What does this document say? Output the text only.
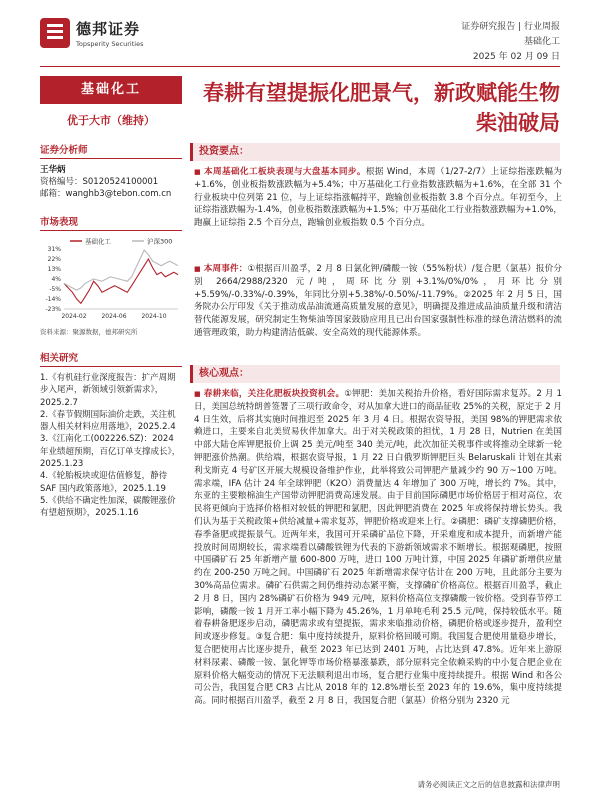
德邦证券
Topsperity Securities
证券研究报告 | 行业周报
基础化工
2025 年 02 月 09 日
基础化工
优于大市（维持）
证券分析师
王华炳
资格编号：S0120524100001
邮箱：wanghb3@tebon.com.cn
市场表现
基础化工	沪深300
31%
22%
13%
4%
-5%
-14%
-23%
2024-02 2024-06 2024-10
资料来源：聚源数据，德邦研究所
相关研究
1.《有机硅行业深度报告：扩产周期步入尾声，新领域引领新需求》，2025.2.7
2.《春节假期国际油价走跌，关注机器人相关材料应用落地》，2025.2.4
3.《江南化工(002226.SZ)：2024 年业绩超预期，百亿订单支撑成长》，2025.1.23
4.《轮胎板块或迎估值修复，静待 SAF 国内政策落地》，2025.1.19
5.《供给不确定性加深，碳酸锂涨价有望超预期》，2025.1.16
春耕有望提振化肥景气，新政赋能生物柴油破局
投资要点：
■ 本周基础化工板块表现与大盘基本同步。根据 Wind，本周（1/27-2/7）上证综指涨跌幅为+1.6%，创业板指数涨跌幅为+5.4%；中万基础化工行业指数涨跌幅为+1.6%，在全部 31 个行业板块中位列第 21 位，与上证综指涨幅持平，跑输创业板指数 3.8 个百分点。年初至今，上证综指涨跌幅为-1.4%，创业板指数涨跌幅为+1.5%；中万基础化工行业指数涨跌幅为+1.0%，跑赢上证综指 2.5 个百分点，跑输创业板指数 0.5 个百分点。
■ 本周事件：①根据百川盈孚，2 月 8 日氯化钾/磷酸一铵（55%粉状）/复合肥（氯基）报价分别 2664/2988/2320 元/吨，周环比分别+3.1%/0%/0%，月环比分别+5.59%/-0.33%/-0.39%，年同比分别+5.38%/-0.50%/-11.79%。②2025 年 2 月 5 日，国务院办公厅印发《关于推动成品油流通高质量发展的意见》，明确提及推进成品油质量升级和清洁替代能源发展，研究制定生物柴油等国家鼓励应用且已出台国家强制性标准的绿色清洁燃料的流通管理政策，助力构建清洁低碳、安全高效的现代能源体系。
核心观点：
■ 春耕来临，关注化肥板块投资机会。①钾肥：美加关税抬升价格，看好国际需求复苏。2 月 1 日，美国总统特朗普签署了三项行政命令，对从加拿大进口的商品征收 25%的关税，原定于 2 月 4 日生效，后将其实施时间推迟至 2025 年 3 月 4 日。根据农资导报，美国 98%的钾肥需求依赖进口，主要来自北美贸易伙伴加拿大。出于对关税政策的担忧，1 月 28 日，Nutrien 在美国中部大陆仓库钾肥报价上调 25 美元/吨至 340 美元/吨，此次加征关税事件或将推动全球新一轮钾肥涨价热潮。供给端，根据农资导报，1 月 22 日白俄罗斯钾肥巨头 Belaruskali 计划在其索利戈斯克 4 号矿区开展大规模设备维护作业，此举将致公司钾肥产量减少约 90 万~100 万吨。需求端，IFA 估计 24 年全球钾肥（K2O）消费量达 4 年增加了 300 万吨，增长约 7%。其中，东亚的主要粮棉油生产国带动钾肥消费高速发展。由于目前国际磷肥市场价格居于相对高位，农民将更倾向于选择价格相对较低的钾肥和氯肥，因此钾肥消费在 2025 年或将保持增长势头。我们认为基于关税政策+供给减量+需求复苏，钾肥价格或迎来上行。②磷肥：磷矿支撑磷肥价格，春季备肥或提振景气。近两年来，我国可开采磷矿品位下降，开采难度和成本提升，而新增产能投放时间周期较长，需求端看以磷酸铁锂为代表的下游新领域需求不断增长。根据观磷肥，按照中国磷矿石 25 年新增产量 600-800 万吨，进口 100 万吨计算，中国 2025 年磷矿新增供应量约在 200-250 万吨之间。中国磷矿石 2025 年新增需求保守估计在 200 万吨，且此部分主要为 30%高品位需求。磷矿石供需之间仍维持动态紧平衡，支撑磷矿价格高位。根据百川盈孚，截止 2 月 8 日，国内 28%磷矿石价格为 949 元/吨，原料价格高位支撑磷酸一铵价格。受到春节停工影响，磷酸一铵 1 月开工率小幅下降为 45.26%，1 月单吨毛利 25.5 元/吨，保持较低水平。随着春耕备肥逐步启动，磷肥需求或有望提振，需求来临推动价格，磷肥价格或逐步提升，盈利空间或逐步修复。③复合肥：集中度持续提升，原料价格回暖可期。我国复合肥使用量稳步增长，复合肥使用占比逐步提升，截至 2023 年已达到 2401 万吨，占比达到 47.8%。近年来上游原材料尿素、磷酸一铵、氯化钾等市场价格暴涨暴跌，部分原料完全依赖采购的中小复合肥企业在原料价格大幅变动的情况下无法顺利退出市场，复合肥行业集中度持续提升。根据 Wind 和各公司公告，我国复合肥 CR3 占比从 2018 年的 12.8%增长至 2023 年的 19.6%，集中度持续提高。同时根据百川盈孚，截至 2 月 8 日，我国复合肥（氯基）价格分别为 2320 元
请务必阅读正文之后的信息披露和法律声明
